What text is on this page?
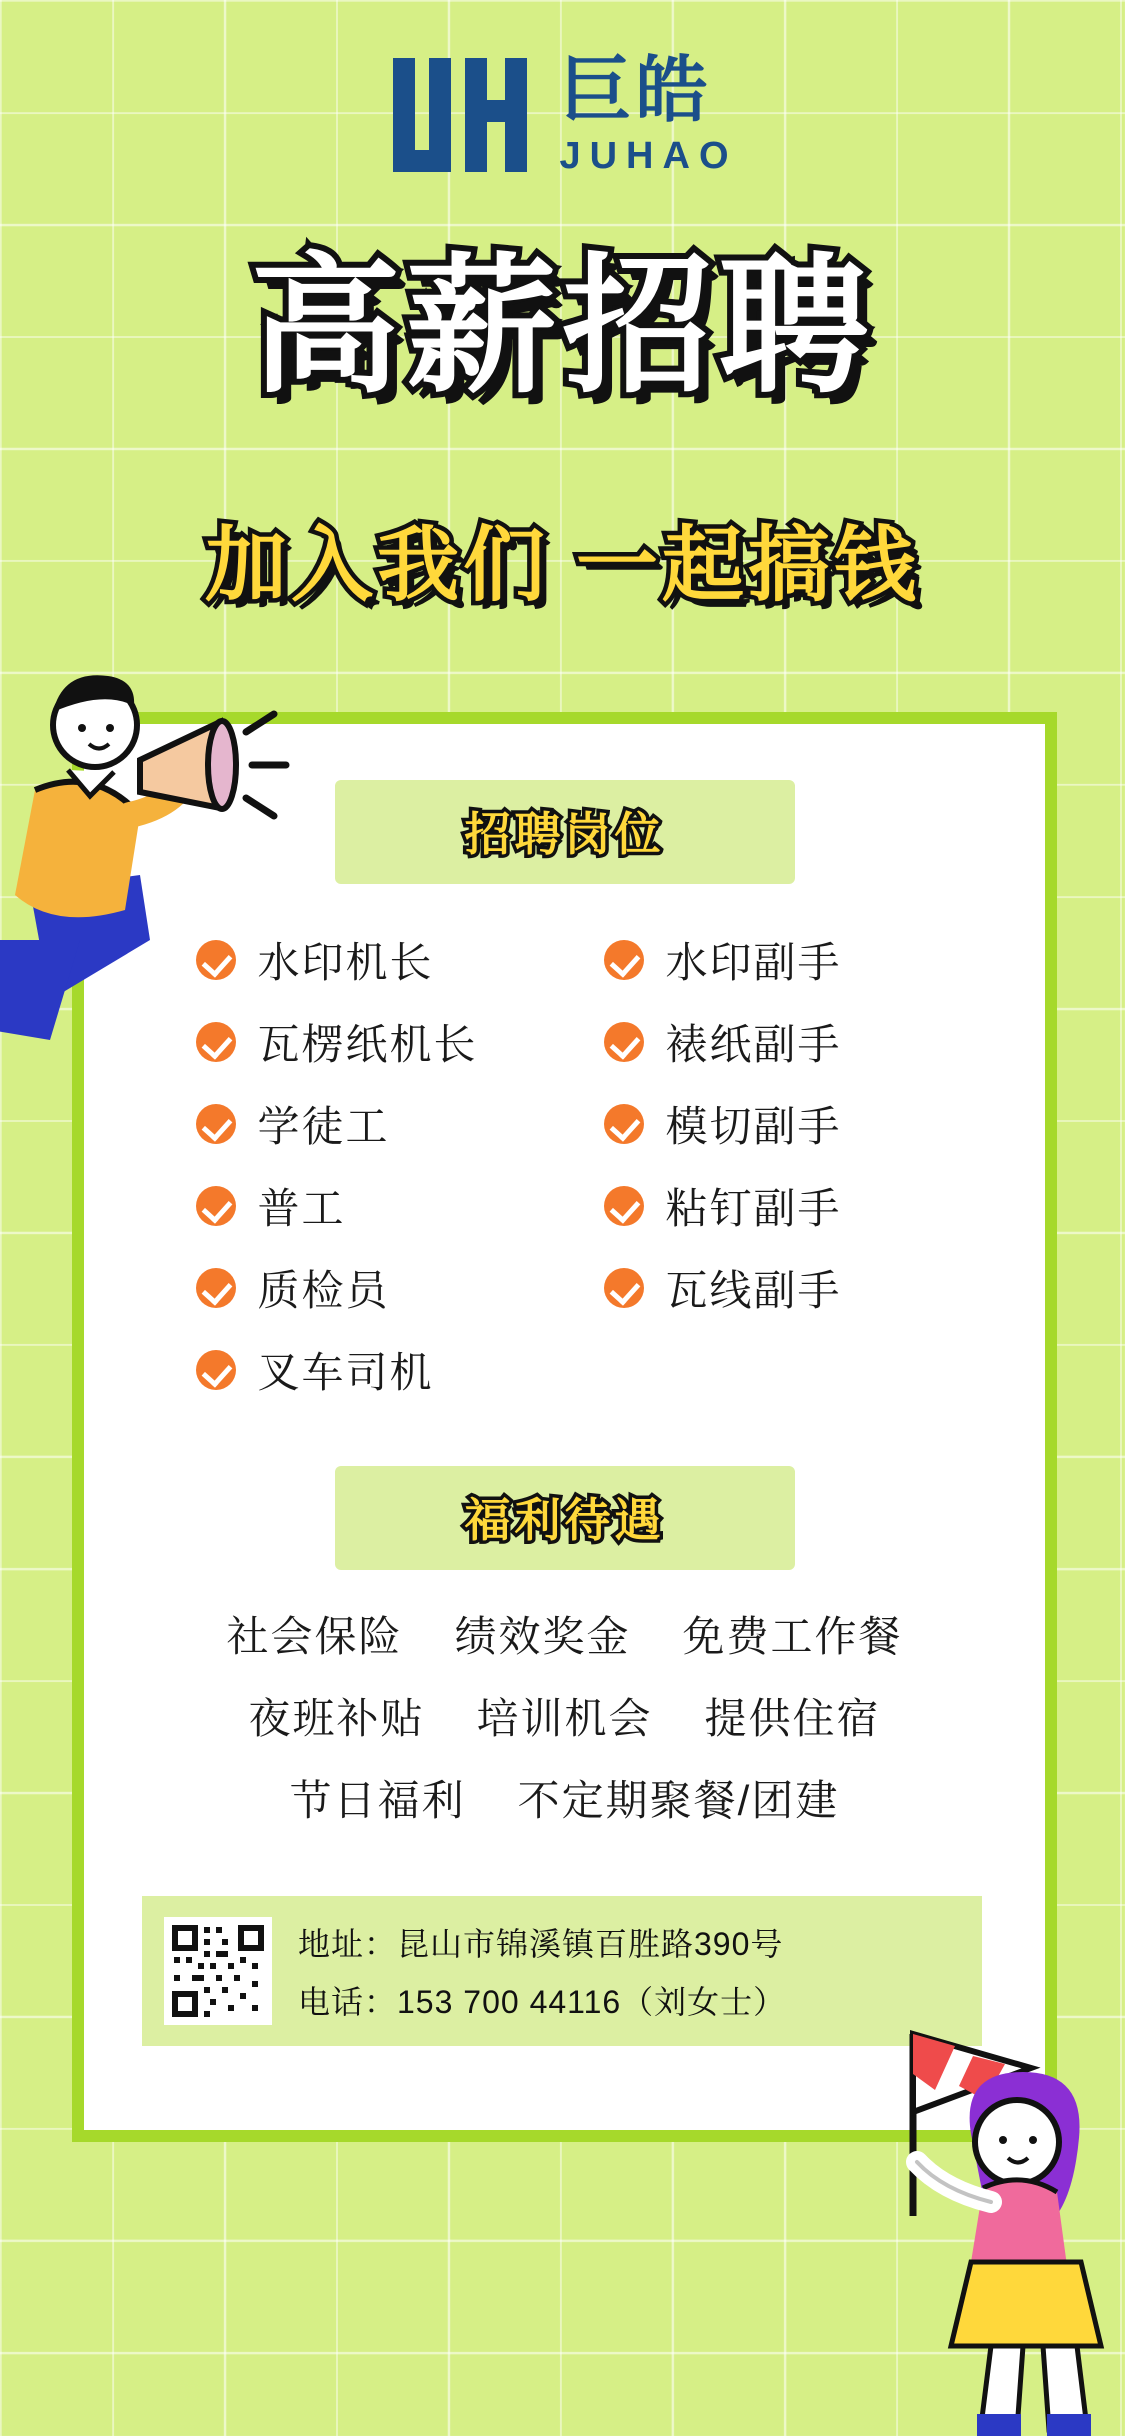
巨皓
JUHAO
高薪招聘
加入我们 一起搞钱
招聘岗位
水印机长
瓦楞纸机长
学徒工
普工
质检员
叉车司机
水印副手
裱纸副手
模切副手
粘钉副手
瓦线副手
福利待遇
社会保险 绩效奖金 免费工作餐
夜班补贴 培训机会 提供住宿
节日福利 不定期聚餐/团建
地址：昆山市锦溪镇百胜路390号
电话：153 700 44116（刘女士）
